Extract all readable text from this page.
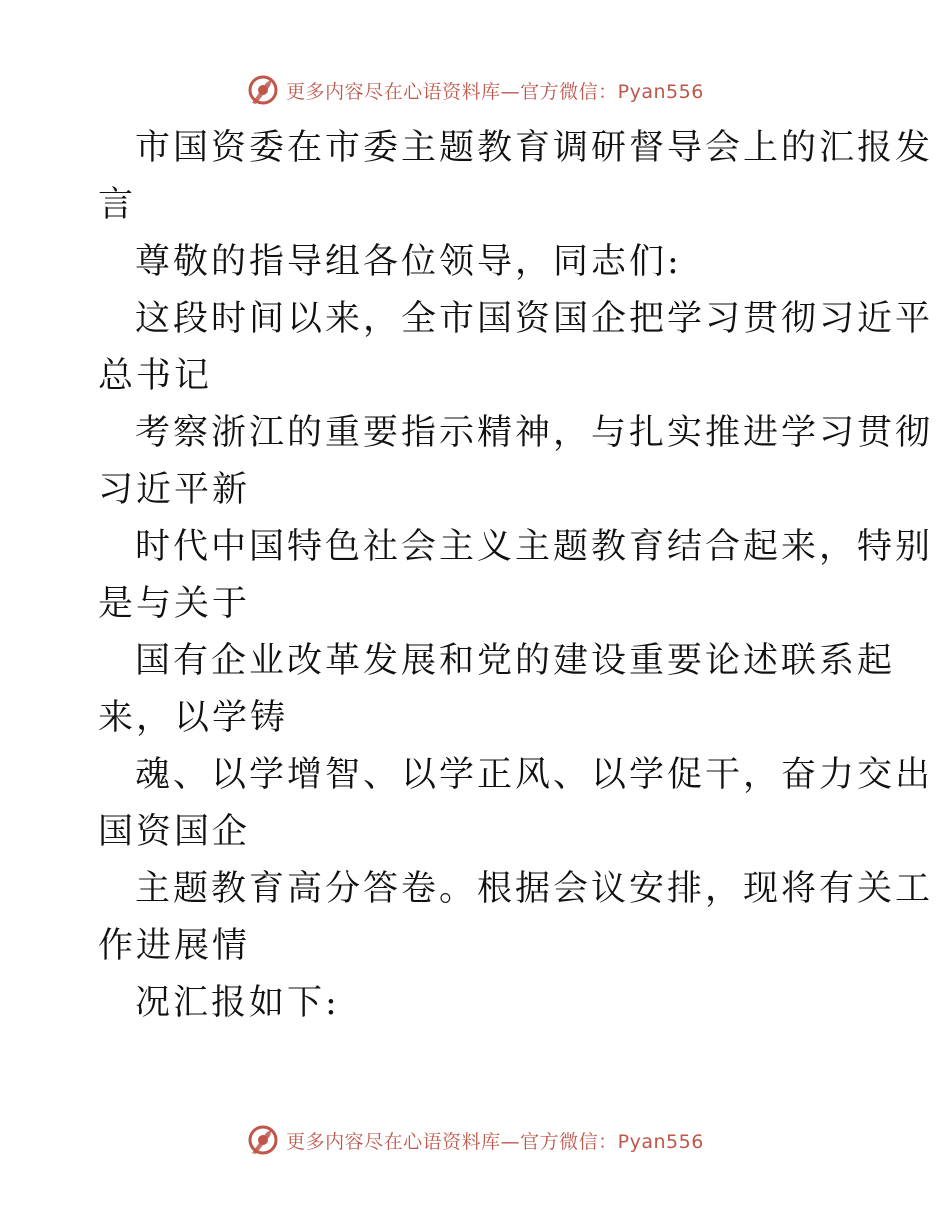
更多内容尽在心语资料库—官方微信：Pyan556
市国资委在市委主题教育调研督导会上的汇报发
言
尊敬的指导组各位领导，同志们:
这段时间以来，全市国资国企把学习贯彻习近平
总书记
考察浙江的重要指示精神，与扎实推进学习贯彻
习近平新
时代中国特色社会主义主题教育结合起来，特别
是与关于
国有企业改革发展和党的建设重要论述联系起
来，以学铸
魂、以学增智、以学正风、以学促干，奋力交出
国资国企
主题教育高分答卷。根据会议安排，现将有关工
作进展情
况汇报如下:
更多内容尽在心语资料库—官方微信：Pyan556
